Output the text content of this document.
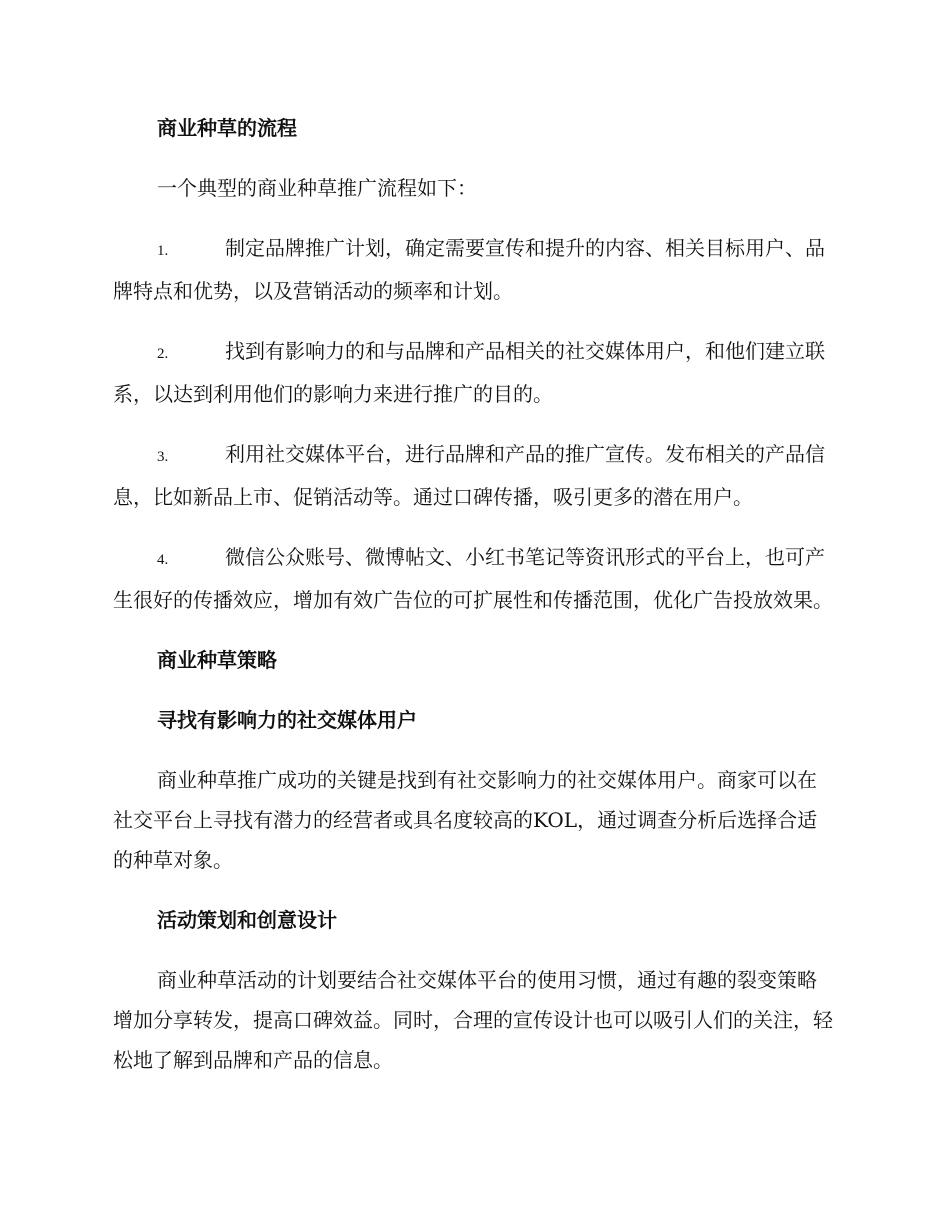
商业种草的流程

一个典型的商业种草推广流程如下：

1.	制定品牌推广计划，确定需要宣传和提升的内容、相关目标用户、品牌特点和优势，以及营销活动的频率和计划。

2.	找到有影响力的和与品牌和产品相关的社交媒体用户，和他们建立联系，以达到利用他们的影响力来进行推广的目的。

3.	利用社交媒体平台，进行品牌和产品的推广宣传。发布相关的产品信息，比如新品上市、促销活动等。通过口碑传播，吸引更多的潜在用户。

4.	微信公众账号、微博帖文、小红书笔记等资讯形式的平台上，也可产生很好的传播效应，增加有效广告位的可扩展性和传播范围，优化广告投放效果。

商业种草策略

寻找有影响力的社交媒体用户

商业种草推广成功的关键是找到有社交影响力的社交媒体用户。商家可以在社交平台上寻找有潜力的经营者或具名度较高的KOL，通过调查分析后选择合适的种草对象。

活动策划和创意设计

商业种草活动的计划要结合社交媒体平台的使用习惯，通过有趣的裂变策略增加分享转发，提高口碑效益。同时，合理的宣传设计也可以吸引人们的关注，轻松地了解到品牌和产品的信息。
